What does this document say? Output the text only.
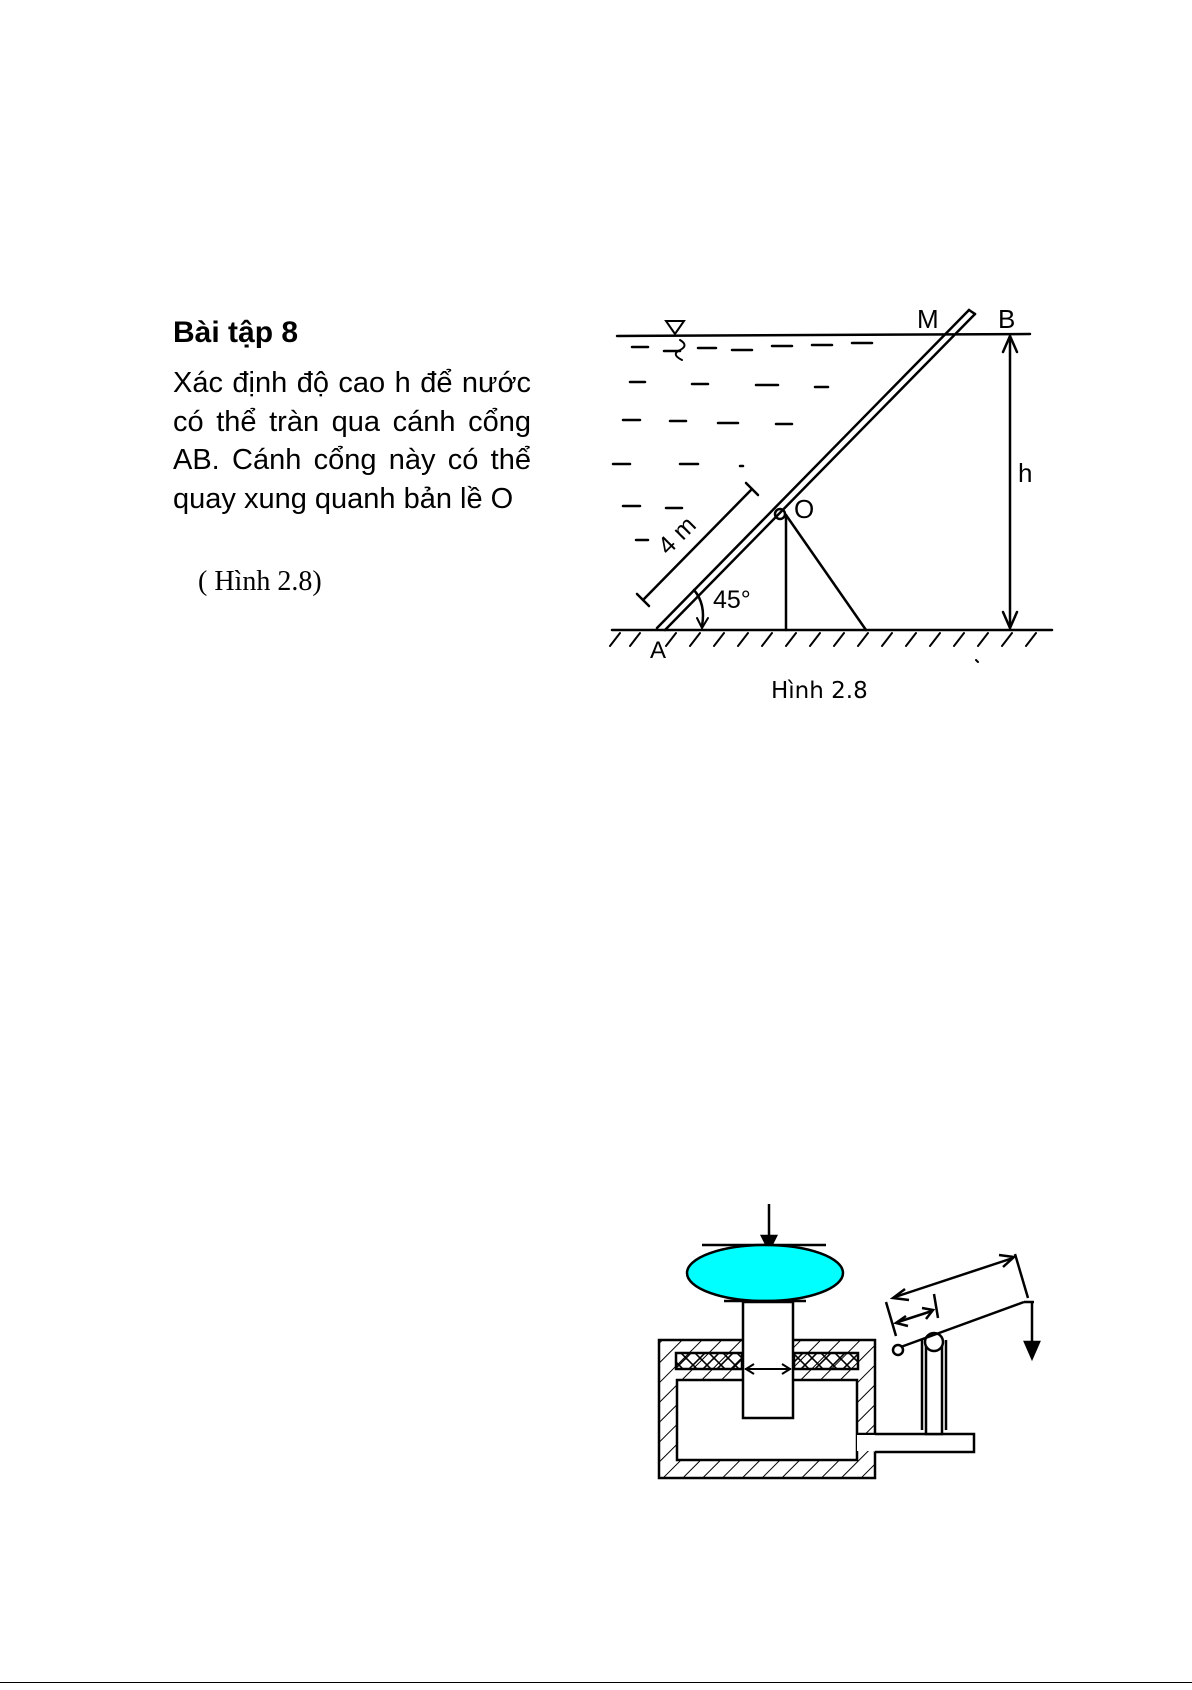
Bài tập 8
Xác định độ cao h để nước có thể tràn qua cánh cổng AB. Cánh cổng này có thể quay xung quanh bản lề O
( Hình 2.8)
M B
A
O
h
45°
4 m
Hình 2.8
